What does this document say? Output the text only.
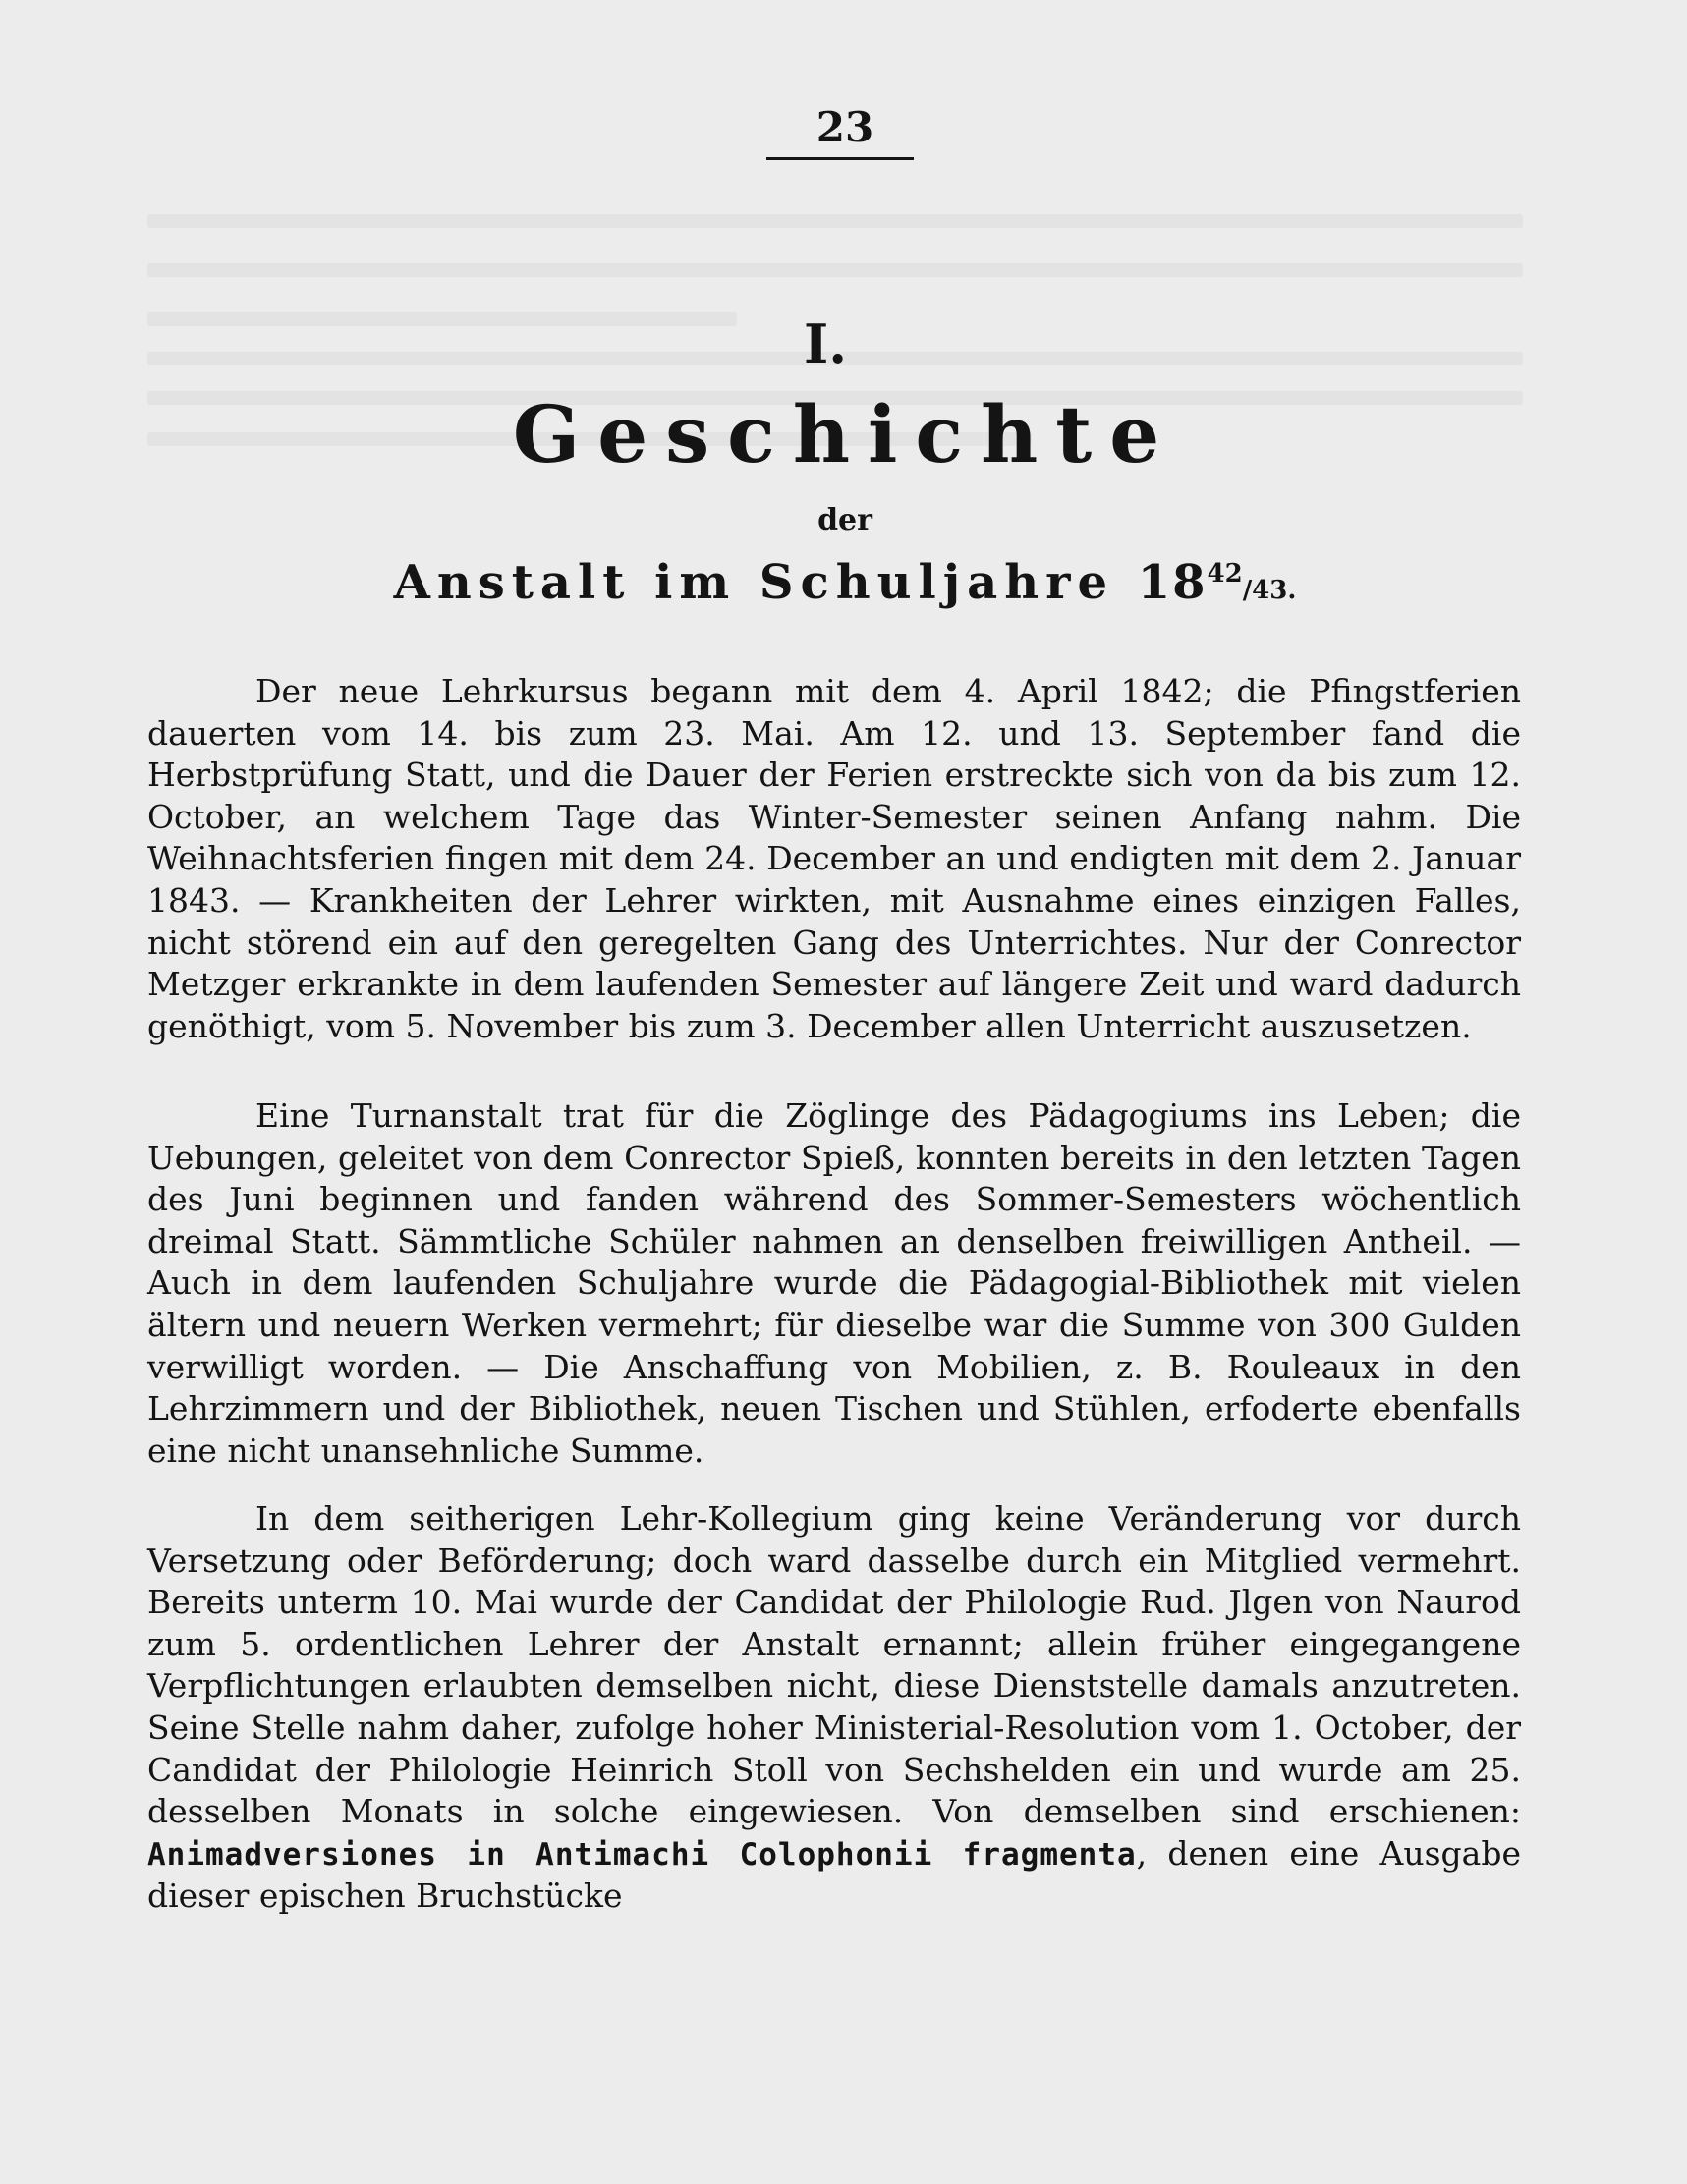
23
I.
Geschichte
der
Anstalt im Schuljahre $18^{42}/43$.

Der neue Lehrkursus begann mit dem 4. April 1842; die Pfingstferien dauerten vom 14. bis zum 23. Mai. Am 12. und 13. September fand die Herbstprüfung Statt, und die Dauer der Ferien erstreckte sich von da bis zum 12. October, an welchem Tage das Winter-Semester seinen Anfang nahm. Die Weihnachtsferien fingen mit dem 24. December an und endigten mit dem 2. Januar 1843. — Krankheiten der Lehrer wirkten, mit Ausnahme eines einzigen Falles, nicht störend ein auf den geregelten Gang des Unterrichtes. Nur der Conrector Metzger erkrankte in dem laufenden Semester auf längere Zeit und ward dadurch genöthigt, vom 5. November bis zum 3. December allen Unterricht auszusetzen.

Eine Turnanstalt trat für die Zöglinge des Pädagogiums ins Leben; die Uebungen, geleitet von dem Conrector Spieß, konnten bereits in den letzten Tagen des Juni beginnen und fanden während des Sommer-Semesters wöchentlich dreimal Statt. Sämmtliche Schüler nahmen an denselben freiwilligen Antheil. — Auch in dem laufenden Schuljahre wurde die Pädagogial-Bibliothek mit vielen ältern und neuern Werken vermehrt; für dieselbe war die Summe von 300 Gulden verwilligt worden. — Die Anschaffung von Mobilien, z. B. Rouleaux in den Lehrzimmern und der Bibliothek, neuen Tischen und Stühlen, erfoderte ebenfalls eine nicht unansehnliche Summe.

In dem seitherigen Lehr-Kollegium ging keine Veränderung vor durch Versetzung oder Beförderung; doch ward dasselbe durch ein Mitglied vermehrt. Bereits unterm 10. Mai wurde der Candidat der Philologie Rud. Jlgen von Naurod zum 5. ordentlichen Lehrer der Anstalt ernannt; allein früher eingegangene Verpflichtungen erlaubten demselben nicht, diese Dienststelle damals anzutreten. Seine Stelle nahm daher, zufolge hoher Ministerial-Resolution vom 1. October, der Candidat der Philologie Heinrich Stoll von Sechshelden ein und wurde am 25. desselben Monats in solche eingewiesen. Von demselben sind erschienen: Animadversiones in Antimachi Colophonii fragmenta, denen eine Ausgabe dieser epischen Bruchstücke
